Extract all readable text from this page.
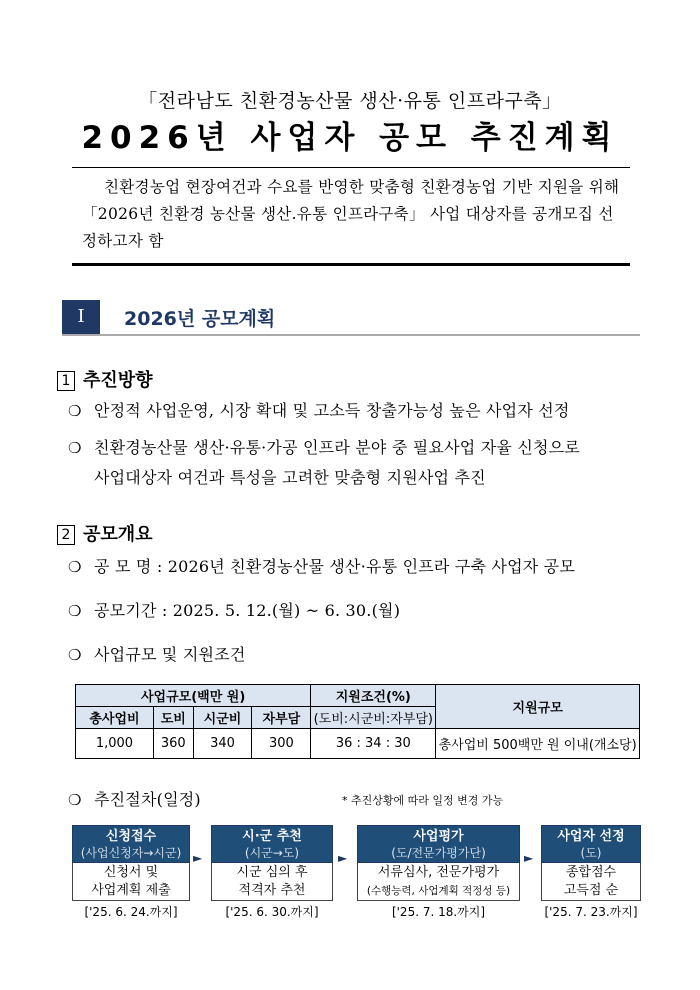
「전라남도 친환경농산물 생산·유통 인프라구축」
2026년 사업자 공모 추진계획

친환경농업 현장여건과 수요를 반영한 맞춤형 친환경농업 기반 지원을 위해 「2026년 친환경 농산물 생산.유통 인프라구축」 사업 대상자를 공개모집 선정하고자 함

Ⅰ	2026년 공모계획
1 추진방향
❍ 안정적 사업운영, 시장 확대 및 고소득 창출가능성 높은 사업자 선정
❍ 친환경농산물 생산·유통·가공 인프라 분야 중 필요사업 자율 신청으로
사업대상자 여건과 특성을 고려한 맞춤형 지원사업 추진
2 공모개요
❍ 공 모 명 : 2026년 친환경농산물 생산·유통 인프라 구축 사업자 공모
❍ 공모기간 : 2025. 5. 12.(월) ~ 6. 30.(월)
❍ 사업규모 및 지원조건
사업규모(백만 원)				지원조건(%)	지원규모
총사업비	도비	시군비	자부담	(도비:시군비:자부담)	
1,000	360	340	300	36 : 34 : 30	총사업비 500백만 원 이내(개소당)
❍ 추진절차(일정)	* 추진상황에 따라 일정 변경 가능
신청접수
(사업신청자→시군)
신청서 및
사업계획 제출
['25. 6. 24.까지]
►
시·군 추천
(시군→도)
시군 심의 후
적격자 추천
['25. 6. 30.까지]
►
사업평가
(도/전문가평가단)
서류심사, 전문가평가
(수행능력, 사업계획 적정성 등)
['25. 7. 18.까지]
►
사업자 선정
(도)
종합점수
고득점 순
['25. 7. 23.까지]
